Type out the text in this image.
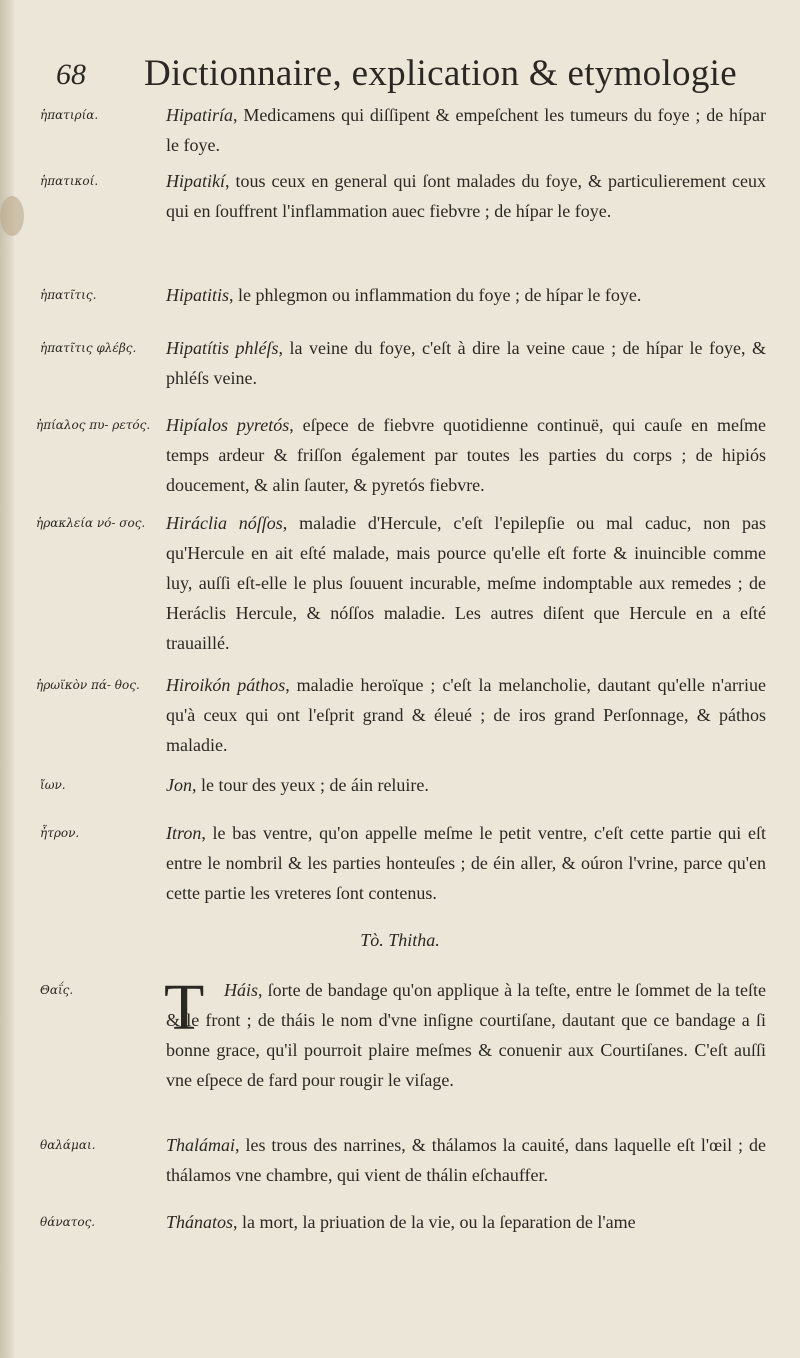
68 Dictionnaire, explication & etymologie
ἡπατιρία.	Hipatiría, Medicamens qui diſſipent & empeſchent les tumeurs du foye ; de hípar le foye.
ἡπατικοί.	Hipatikí, tous ceux en general qui ſont malades du foye, & particulierement ceux qui en ſouffrent l'inflammation auec fiebvre ; de hípar le foye.
ἡπατῖτις.	Hipatitis, le phlegmon ou inflammation du foye ; de hípar le foye.
ἡπατῖτις φλέβς.	Hipatítis phléſs, la veine du foye, c'eſt à dire la veine caue ; de hípar le foye, & phléſs veine.
ἠπίαλος πυ- ρετός. Hipíalos pyretós, eſpece de fiebvre quotidienne continuë, qui cauſe en meſme temps ardeur & friſſon également par toutes les parties du corps ; de hipiós doucement, & alin ſauter, & pyretós fiebvre.
ἡρακλεία νό- σος.	Hiráclia nóſſos, maladie d'Hercule, c'eſt l'epilepſie ou mal caduc, non pas qu'Hercule en ait eſté malade, mais pource qu'elle eſt forte & inuincible comme luy, auſſi eſt-elle le plus ſouuent incurable, meſme indomptable aux remedes ; de Heráclis Hercule, & nóſſos maladie. Les autres diſent que Hercule en a eſté trauaillé.
ἡρωϊκὸν πά- θος.	Hiroikón páthos, maladie heroïque ; c'eſt la melancholie, dautant qu'elle n'arriue qu'à ceux qui ont l'eſprit grand & éleué ; de iros grand Perſonnage, & páthos maladie.
ἴων.	Jon, le tour des yeux ; de áin reluire.
ἦτρον.	Itron, le bas ventre, qu'on appelle meſme le petit ventre, c'eſt cette partie qui eſt entre le nombril & les parties honteuſes ; de éin aller, & oúron l'vrine, parce qu'en cette partie les vreteres ſont contenus.
Tò. Thitha.
Θαΐς.	T	Háis, ſorte de bandage qu'on applique à la teſte, entre le ſommet de la teſte & le front ; de tháis le nom d'vne inſigne courtiſane, dautant que ce bandage a ſi bonne grace, qu'il pourroit plaire meſmes & conuenir aux Courtiſanes. C'eſt auſſi vne eſpece de fard pour rougir le viſage.
θαλάμαι.	Thalámai, les trous des narrines, & thálamos la cauité, dans laquelle eſt l'œil ; de thálamos vne chambre, qui vient de thálin eſchauffer.
θάνατος.	Thánatos, la mort, la priuation de la vie, ou la ſeparation de l'ame
